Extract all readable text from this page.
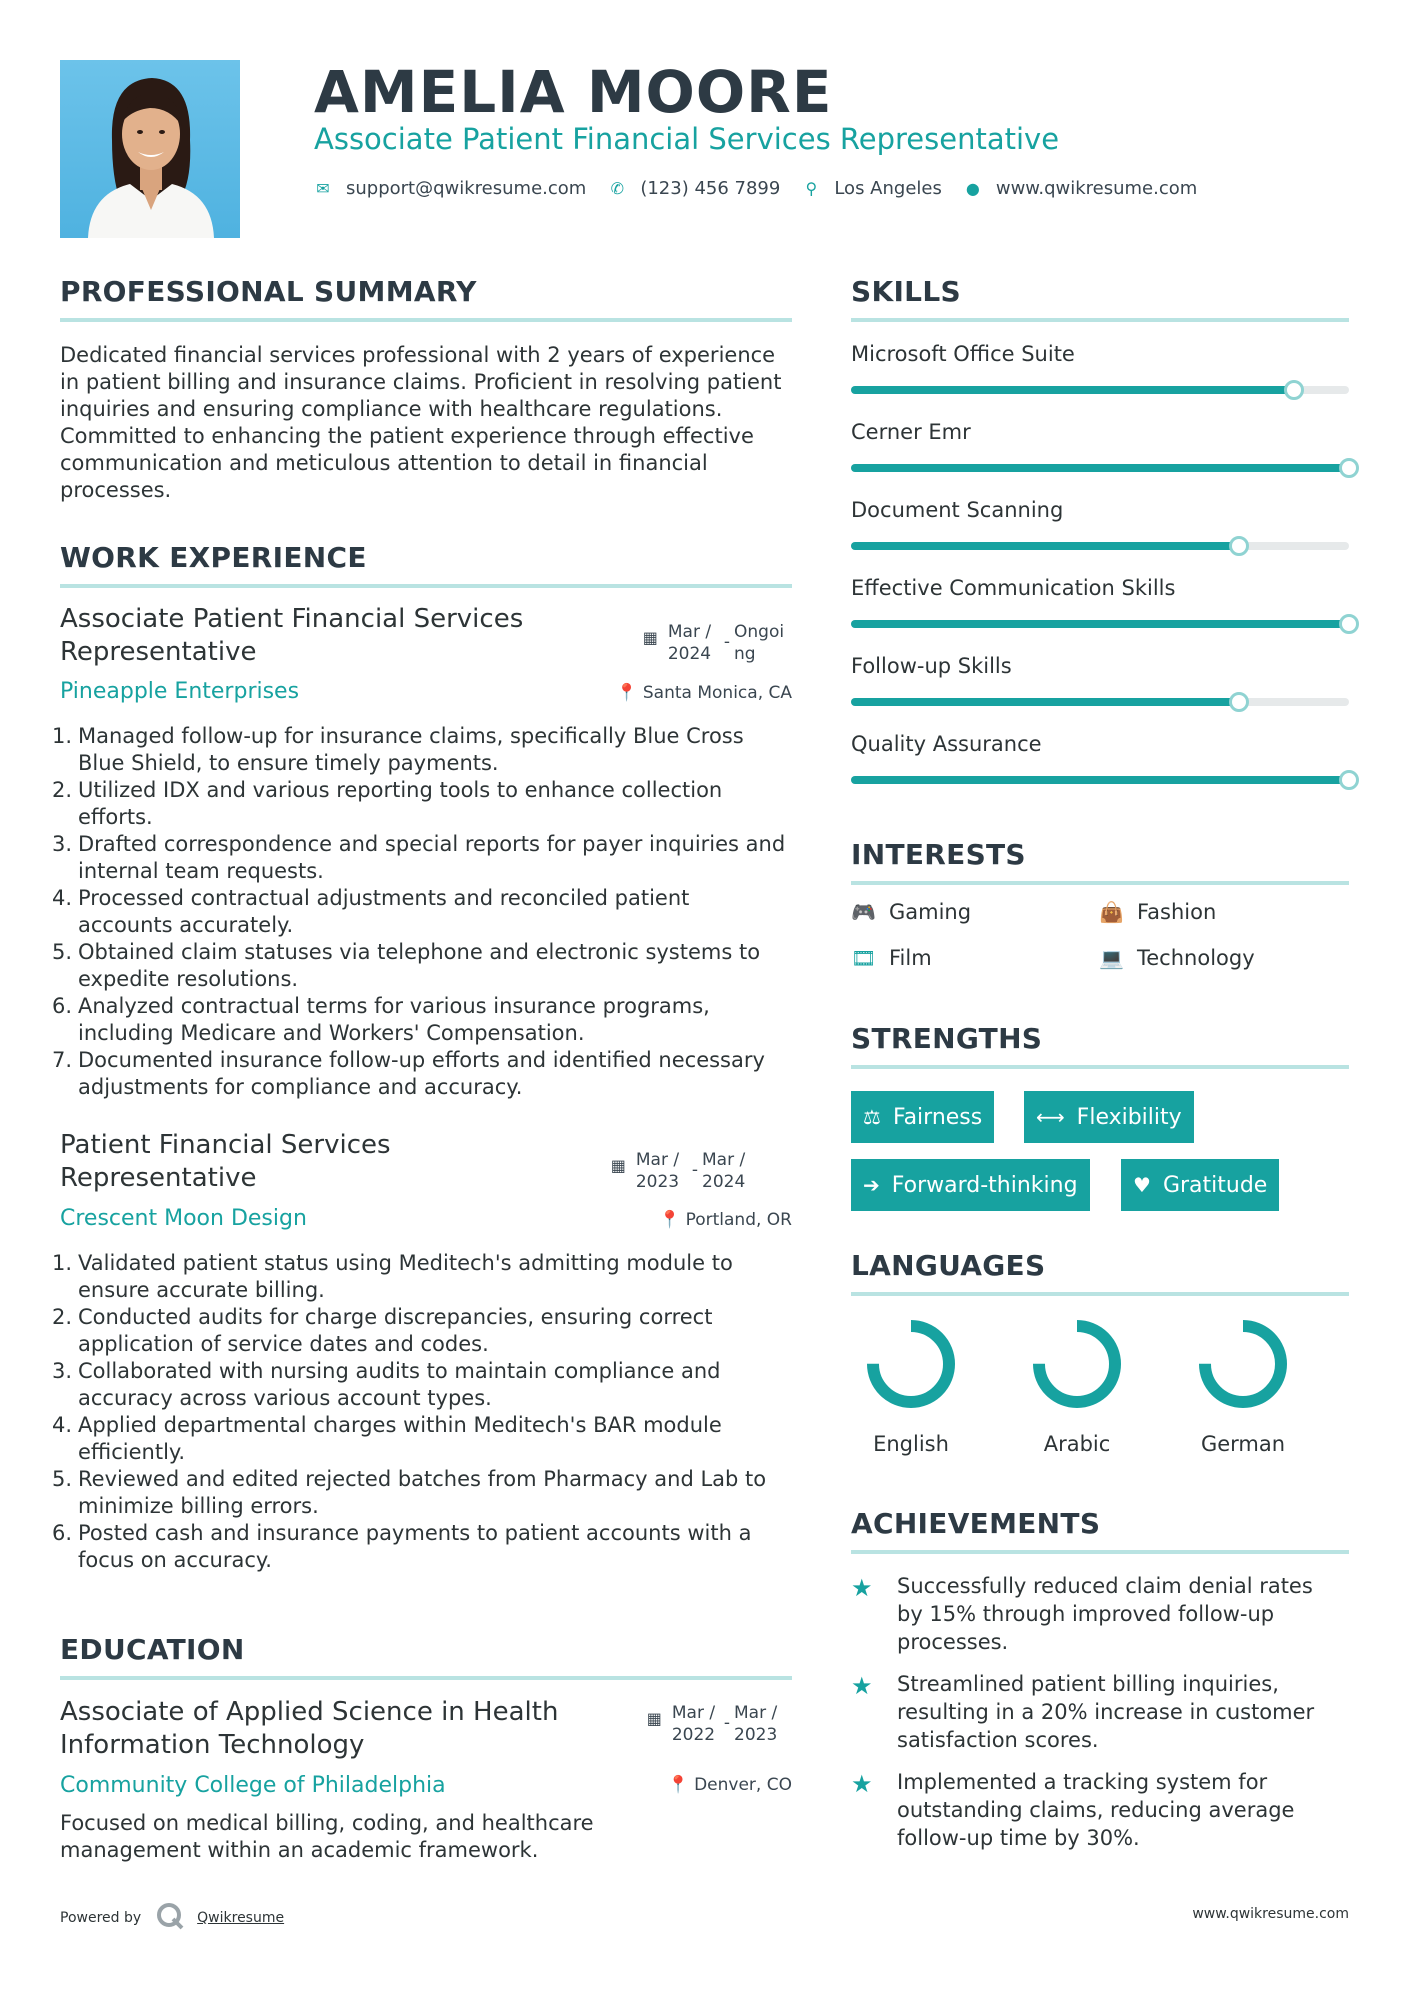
AMELIA MOORE
Associate Patient Financial Services Representative
✉ support@qwikresume.com ✆ (123) 456 7899 ⚲ Los Angeles ● www.qwikresume.com
PROFESSIONAL SUMMARY
Dedicated financial services professional with 2 years of experience in patient billing and insurance claims. Proficient in resolving patient inquiries and ensuring compliance with healthcare regulations. Committed to enhancing the patient experience through effective communication and meticulous attention to detail in financial processes.
WORK EXPERIENCE
Associate Patient Financial Services Representative	▦ Mar / 2024
- Ongoi ng
Pineapple Enterprises	📍 Santa Monica, CA
1. Managed follow-up for insurance claims, specifically Blue Cross Blue Shield, to ensure timely payments.
2. Utilized IDX and various reporting tools to enhance collection efforts.
3. Drafted correspondence and special reports for payer inquiries and internal team requests.
4. Processed contractual adjustments and reconciled patient accounts accurately.
5. Obtained claim statuses via telephone and electronic systems to expedite resolutions.
6. Analyzed contractual terms for various insurance programs, including Medicare and Workers' Compensation.
7. Documented insurance follow-up efforts and identified necessary adjustments for compliance and accuracy.
Patient Financial Services Representative	▦ Mar / 2023
- Mar / 2024
Crescent Moon Design	📍 Portland, OR
1. Validated patient status using Meditech's admitting module to ensure accurate billing.
2. Conducted audits for charge discrepancies, ensuring correct application of service dates and codes.
3. Collaborated with nursing audits to maintain compliance and accuracy across various account types.
4. Applied departmental charges within Meditech's BAR module efficiently.
5. Reviewed and edited rejected batches from Pharmacy and Lab to minimize billing errors.
6. Posted cash and insurance payments to patient accounts with a focus on accuracy.
EDUCATION
Associate of Applied Science in Health Information Technology
▦ Mar / 2022
- Mar / 2023
Community College of Philadelphia	📍 Denver, CO
Focused on medical billing, coding, and healthcare management within an academic framework.
SKILLS
Microsoft Office Suite
Cerner Emr
Document Scanning
Effective Communication Skills
Follow-up Skills
Quality Assurance
INTERESTS
🎮 Gaming	👜 Fashion
🎞 Film	💻 Technology
STRENGTHS
⚖ Fairness	⟷ Flexibility
➔ Forward-thinking	♥ Gratitude
LANGUAGES
English	Arabic	German
ACHIEVEMENTS
★	Successfully reduced claim denial rates by 15% through improved follow-up processes.
★	Streamlined patient billing inquiries, resulting in a 20% increase in customer satisfaction scores.
★	Implemented a tracking system for outstanding claims, reducing average follow-up time by 30%.
Powered by	Qwikresume	www.qwikresume.com
